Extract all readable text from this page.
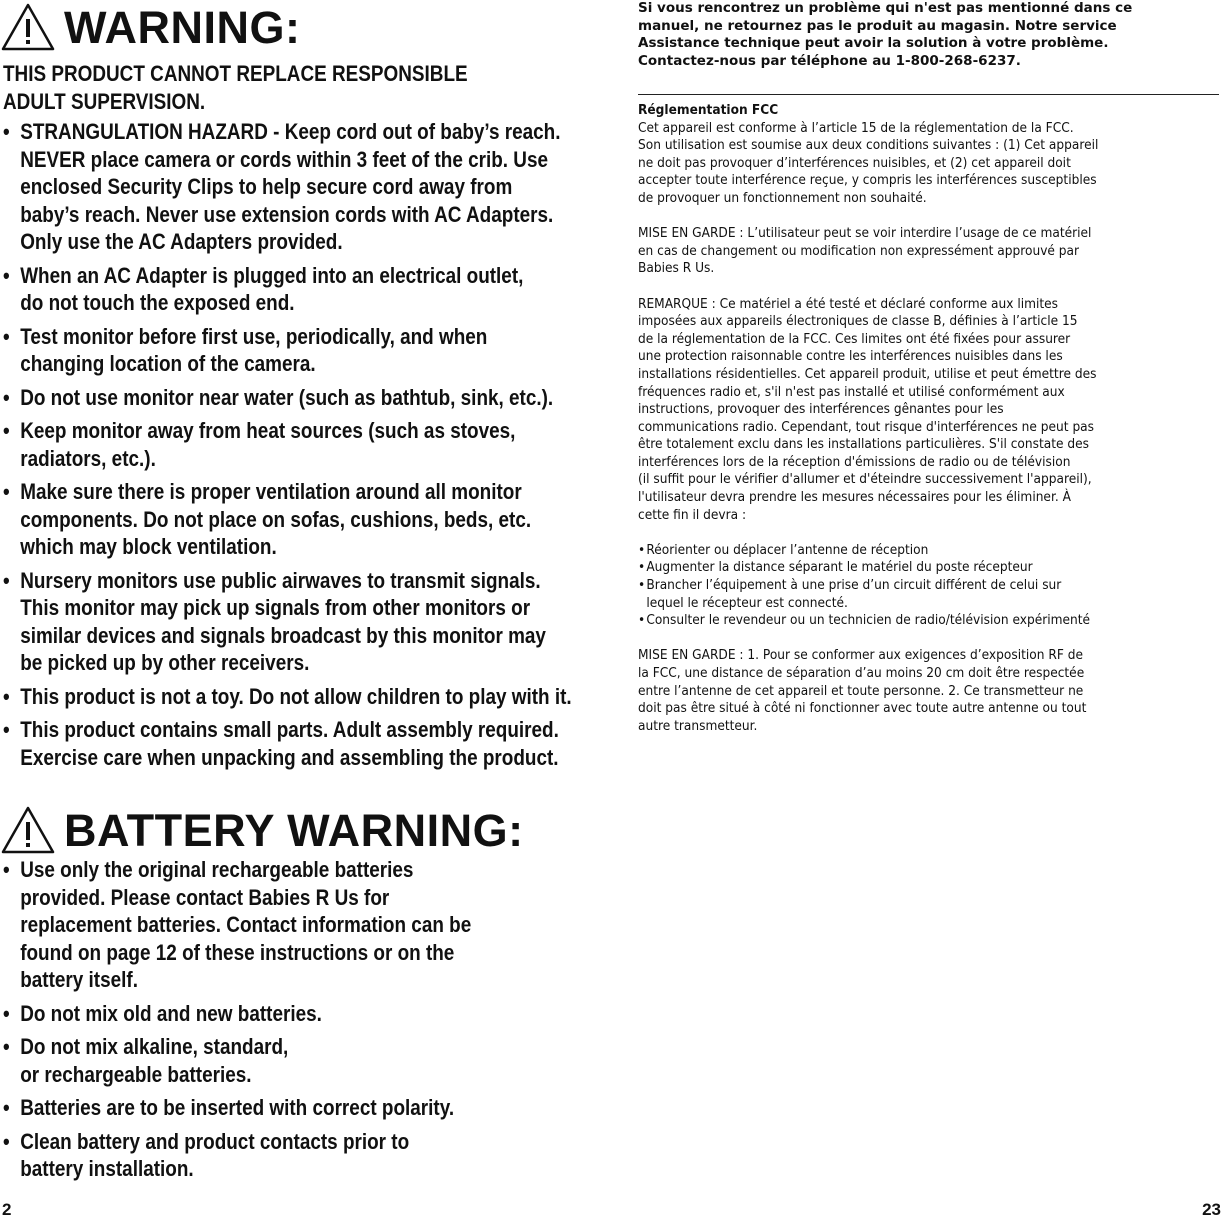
WARNING:
THIS PRODUCT CANNOT REPLACE RESPONSIBLE
ADULT SUPERVISION.
• STRANGULATION HAZARD - Keep cord out of baby’s reach.
NEVER place camera or cords within 3 feet of the crib. Use
enclosed Security Clips to help secure cord away from
baby’s reach. Never use extension cords with AC Adapters.
Only use the AC Adapters provided.
• When an AC Adapter is plugged into an electrical outlet,
do not touch the exposed end.
• Test monitor before first use, periodically, and when
changing location of the camera.
• Do not use monitor near water (such as bathtub, sink, etc.).
• Keep monitor away from heat sources (such as stoves,
radiators, etc.).
• Make sure there is proper ventilation around all monitor
components. Do not place on sofas, cushions, beds, etc.
which may block ventilation.
• Nursery monitors use public airwaves to transmit signals.
This monitor may pick up signals from other monitors or
similar devices and signals broadcast by this monitor may
be picked up by other receivers.
• This product is not a toy. Do not allow children to play with it.
• This product contains small parts. Adult assembly required.
Exercise care when unpacking and assembling the product.
BATTERY WARNING:
• Use only the original rechargeable batteries
provided. Please contact Babies R Us for
replacement batteries. Contact information can be
found on page 12 of these instructions or on the
battery itself.
• Do not mix old and new batteries.
• Do not mix alkaline, standard,
or rechargeable batteries.
• Batteries are to be inserted with correct polarity.
• Clean battery and product contacts prior to
battery installation.
2
Si vous rencontrez un problème qui n'est pas mentionné dans ce
manuel, ne retournez pas le produit au magasin. Notre service
Assistance technique peut avoir la solution à votre problème.
Contactez-nous par téléphone au 1-800-268-6237.

Réglementation FCC

Cet appareil est conforme à l’article 15 de la réglementation de la FCC.
Son utilisation est soumise aux deux conditions suivantes : (1) Cet appareil
ne doit pas provoquer d’interférences nuisibles, et (2) cet appareil doit
accepter toute interférence reçue, y compris les interférences susceptibles
de provoquer un fonctionnement non souhaité.

MISE EN GARDE : L’utilisateur peut se voir interdire l’usage de ce matériel
en cas de changement ou modification non expressément approuvé par
Babies R Us.

REMARQUE : Ce matériel a été testé et déclaré conforme aux limites
imposées aux appareils électroniques de classe B, définies à l’article 15
de la réglementation de la FCC. Ces limites ont été fixées pour assurer
une protection raisonnable contre les interférences nuisibles dans les
installations résidentielles. Cet appareil produit, utilise et peut émettre des
fréquences radio et, s'il n'est pas installé et utilisé conformément aux
instructions, provoquer des interférences gênantes pour les
communications radio. Cependant, tout risque d'interférences ne peut pas
être totalement exclu dans les installations particulières. S'il constate des
interférences lors de la réception d'émissions de radio ou de télévision
(il suffit pour le vérifier d'allumer et d'éteindre successivement l'appareil),
l'utilisateur devra prendre les mesures nécessaires pour les éliminer. À
cette fin il devra :

• Réorienter ou déplacer l’antenne de réception
• Augmenter la distance séparant le matériel du poste récepteur
• Brancher l’équipement à une prise d’un circuit différent de celui sur
lequel le récepteur est connecté.
• Consulter le revendeur ou un technicien de radio/télévision expérimenté

MISE EN GARDE : 1. Pour se conformer aux exigences d’exposition RF de
la FCC, une distance de séparation d’au moins 20 cm doit être respectée
entre l’antenne de cet appareil et toute personne. 2. Ce transmetteur ne
doit pas être situé à côté ni fonctionner avec toute autre antenne ou tout
autre transmetteur.

23
